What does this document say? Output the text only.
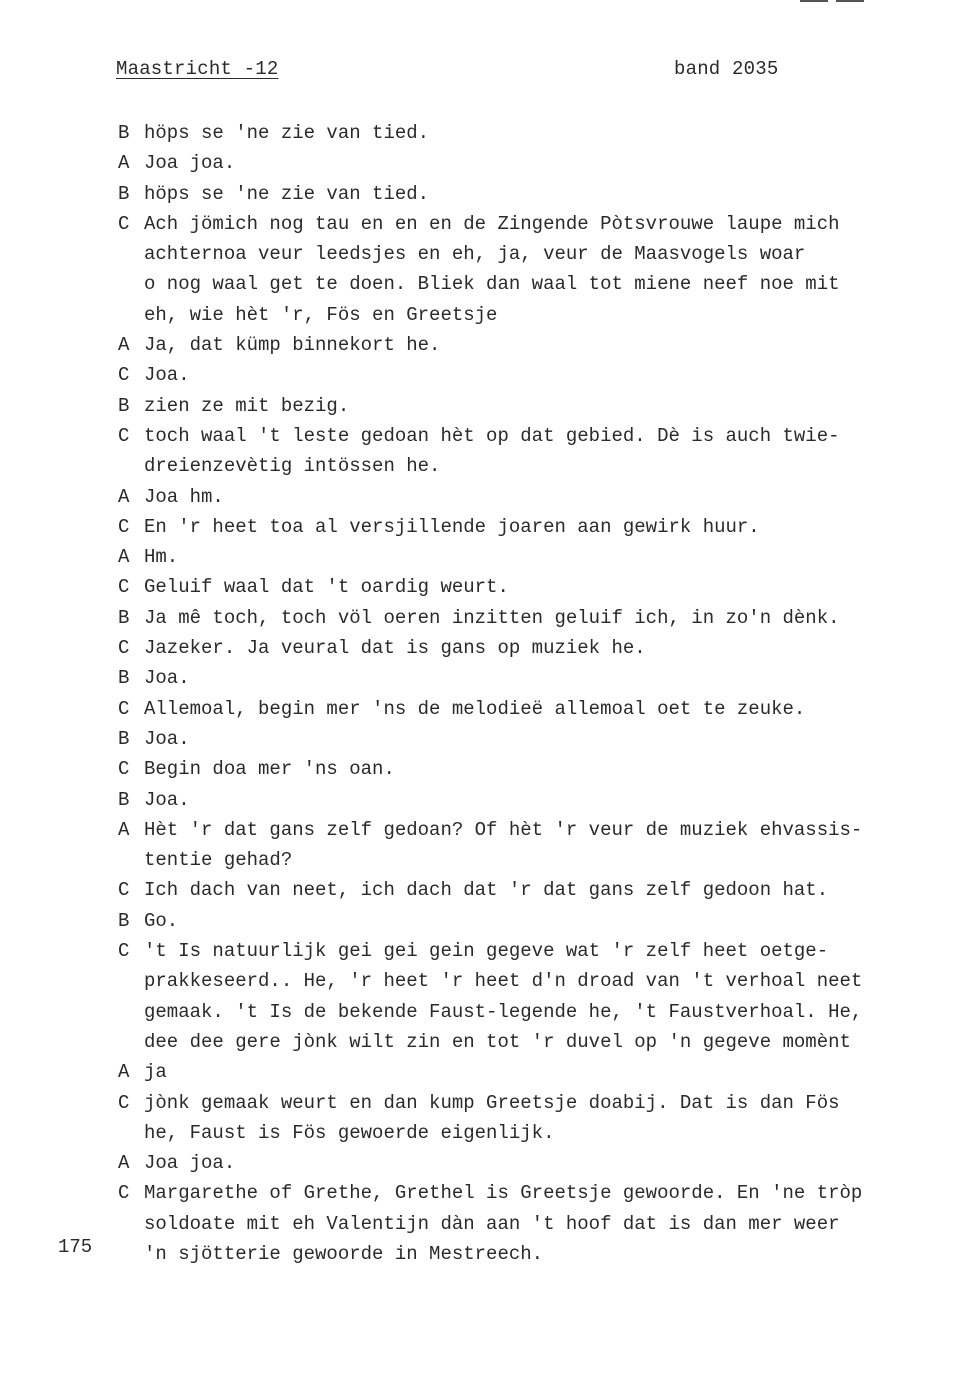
Maastricht -12	band 2035
B höps se 'ne zie van tied.
A Joa joa.
B höps se 'ne zie van tied.
C Ach jömich nog tau en en en de Zingende Pòtsvrouwe laupe mich
achternoa veur leedsjes en eh, ja, veur de Maasvogels woar
o nog waal get te doen. Bliek dan waal tot miene neef noe mit
eh, wie hèt 'r, Fös en Greetsje
A Ja, dat kümp binnekort he.
C Joa.
B zien ze mit bezig.
C toch waal 't leste gedoan hèt op dat gebied. Dè is auch twie-
dreienzevètig intössen he.
A Joa hm.
C En 'r heet toa al versjillende joaren aan gewirk huur.
A Hm.
C Geluif waal dat 't oardig weurt.
B Ja mê toch, toch völ oeren inzitten geluif ich, in zo'n dènk.
C Jazeker. Ja veural dat is gans op muziek he.
B Joa.
C Allemoal, begin mer 'ns de melodieë allemoal oet te zeuke.
B Joa.
C Begin doa mer 'ns oan.
B Joa.
A Hèt 'r dat gans zelf gedoan? Of hèt 'r veur de muziek ehvassis-
tentie gehad?
C Ich dach van neet, ich dach dat 'r dat gans zelf gedoon hat.
B Go.
C 't Is natuurlijk gei gei gein gegeve wat 'r zelf heet oetge-
prakkeseerd.. He, 'r heet 'r heet d'n droad van 't verhoal neet
gemaak. 't Is de bekende Faust-legende he, 't Faustverhoal. He,
dee dee gere jònk wilt zin en tot 'r duvel op 'n gegeve momènt
A ja
C jònk gemaak weurt en dan kump Greetsje doabij. Dat is dan Fös
he, Faust is Fös gewoerde eigenlijk.
A Joa joa.
C Margarethe of Grethe, Grethel is Greetsje gewoorde. En 'ne tròp
soldoate mit eh Valentijn dàn aan 't hoof dat is dan mer weer
'n sjötterie gewoorde in Mestreech.
175
